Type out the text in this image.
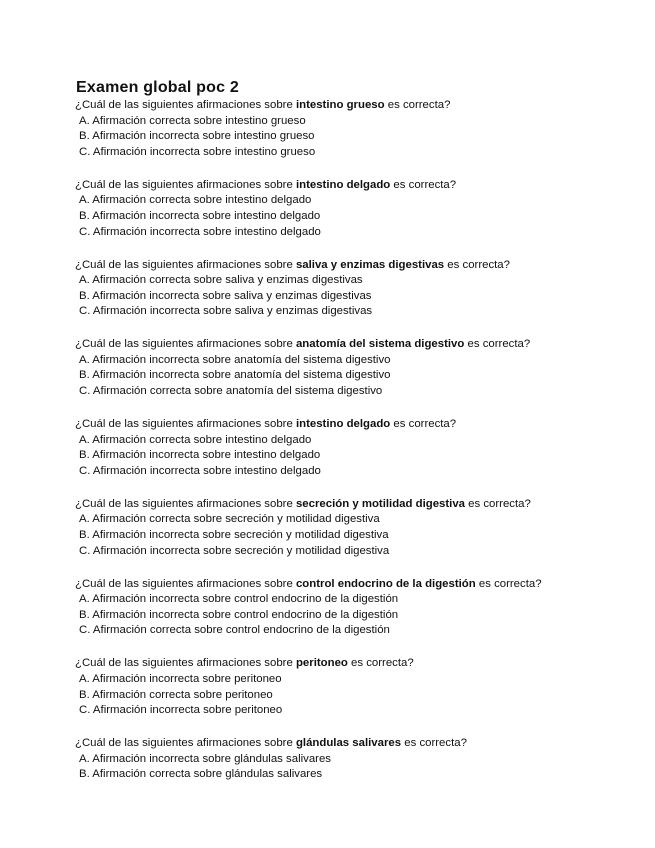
Examen global poc 2
¿Cuál de las siguientes afirmaciones sobre intestino grueso es correcta?
A. Afirmación correcta sobre intestino grueso
B. Afirmación incorrecta sobre intestino grueso
C. Afirmación incorrecta sobre intestino grueso
¿Cuál de las siguientes afirmaciones sobre intestino delgado es correcta?
A. Afirmación correcta sobre intestino delgado
B. Afirmación incorrecta sobre intestino delgado
C. Afirmación incorrecta sobre intestino delgado
¿Cuál de las siguientes afirmaciones sobre saliva y enzimas digestivas es correcta?
A. Afirmación correcta sobre saliva y enzimas digestivas
B. Afirmación incorrecta sobre saliva y enzimas digestivas
C. Afirmación incorrecta sobre saliva y enzimas digestivas
¿Cuál de las siguientes afirmaciones sobre anatomía del sistema digestivo es correcta?
A. Afirmación incorrecta sobre anatomía del sistema digestivo
B. Afirmación incorrecta sobre anatomía del sistema digestivo
C. Afirmación correcta sobre anatomía del sistema digestivo
¿Cuál de las siguientes afirmaciones sobre intestino delgado es correcta?
A. Afirmación correcta sobre intestino delgado
B. Afirmación incorrecta sobre intestino delgado
C. Afirmación incorrecta sobre intestino delgado
¿Cuál de las siguientes afirmaciones sobre secreción y motilidad digestiva es correcta?
A. Afirmación correcta sobre secreción y motilidad digestiva
B. Afirmación incorrecta sobre secreción y motilidad digestiva
C. Afirmación incorrecta sobre secreción y motilidad digestiva
¿Cuál de las siguientes afirmaciones sobre control endocrino de la digestión es correcta?
A. Afirmación incorrecta sobre control endocrino de la digestión
B. Afirmación incorrecta sobre control endocrino de la digestión
C. Afirmación correcta sobre control endocrino de la digestión
¿Cuál de las siguientes afirmaciones sobre peritoneo es correcta?
A. Afirmación incorrecta sobre peritoneo
B. Afirmación correcta sobre peritoneo
C. Afirmación incorrecta sobre peritoneo
¿Cuál de las siguientes afirmaciones sobre glándulas salivares es correcta?
A. Afirmación incorrecta sobre glándulas salivares
B. Afirmación correcta sobre glándulas salivares
